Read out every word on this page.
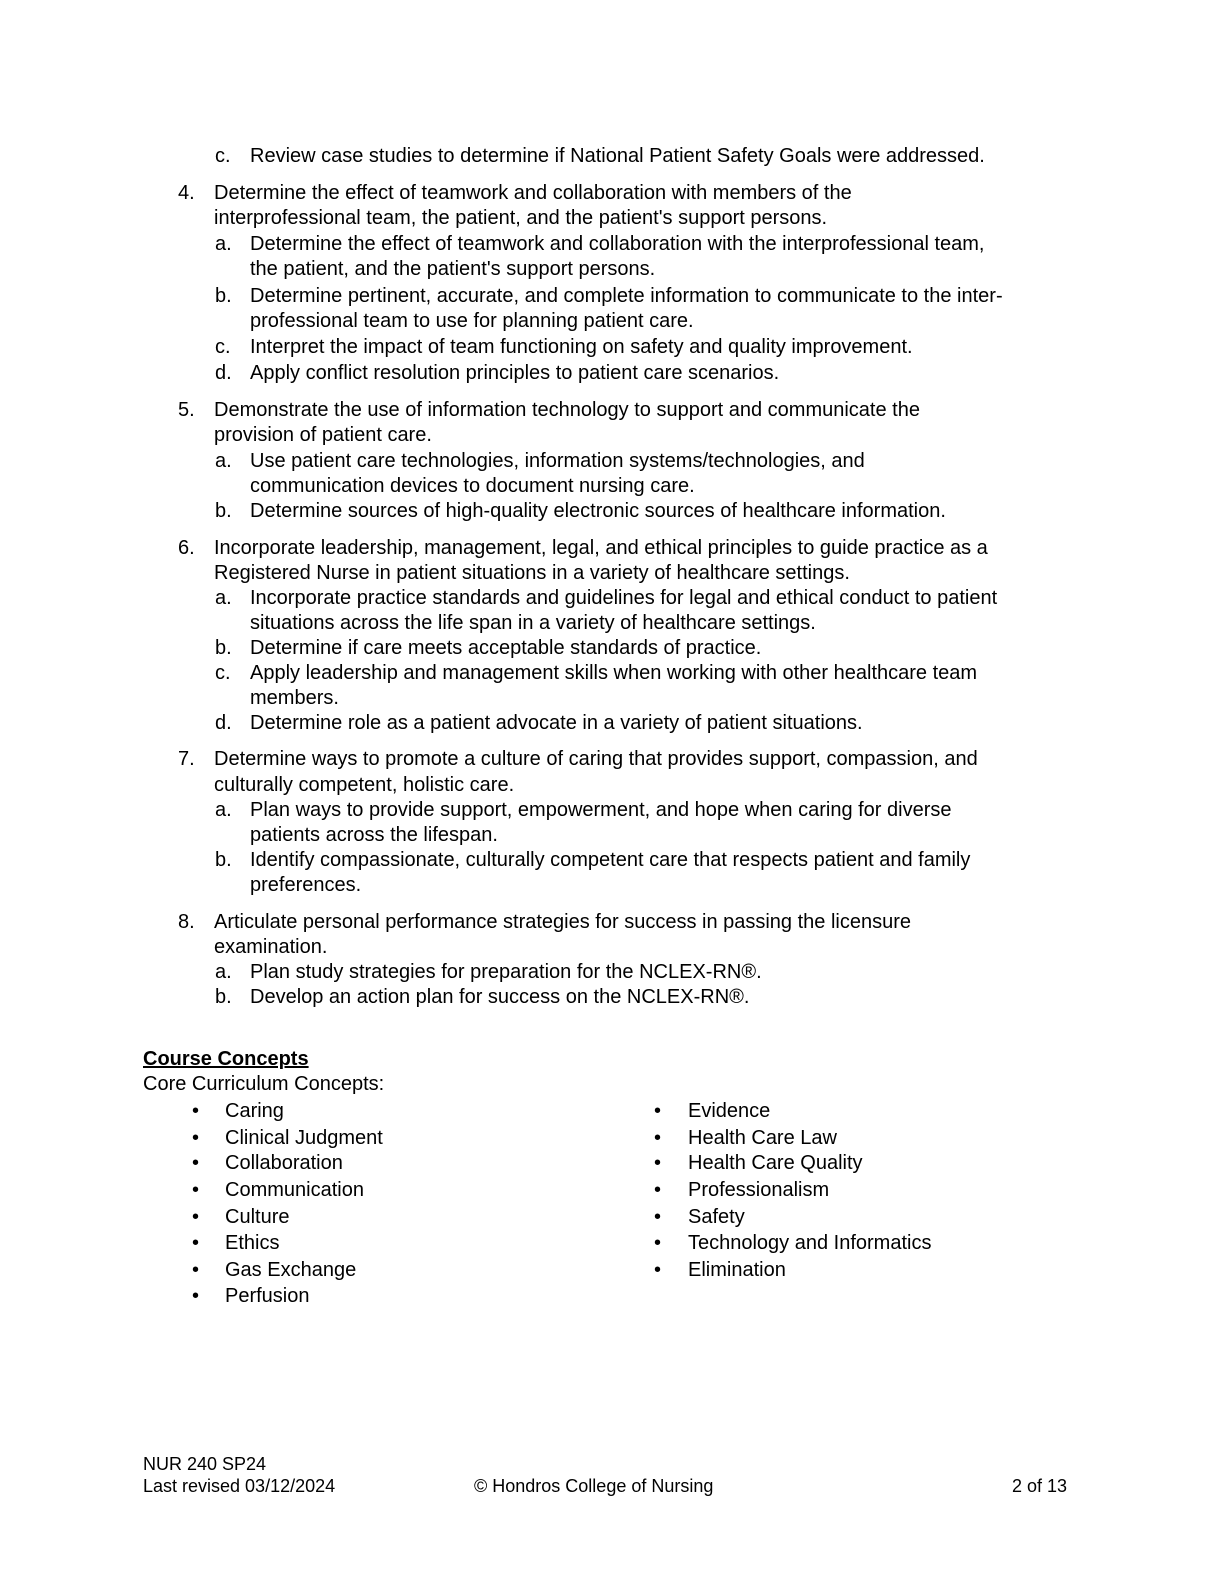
c. Review case studies to determine if National Patient Safety Goals were addressed.
4. Determine the effect of teamwork and collaboration with members of the
interprofessional team, the patient, and the patient's support persons.
a. Determine the effect of teamwork and collaboration with the interprofessional team,
the patient, and the patient's support persons.
b. Determine pertinent, accurate, and complete information to communicate to the inter-
professional team to use for planning patient care.
c. Interpret the impact of team functioning on safety and quality improvement.
d. Apply conflict resolution principles to patient care scenarios.
5. Demonstrate the use of information technology to support and communicate the
provision of patient care.
a. Use patient care technologies, information systems/technologies, and
communication devices to document nursing care.
b. Determine sources of high-quality electronic sources of healthcare information.
6. Incorporate leadership, management, legal, and ethical principles to guide practice as a
Registered Nurse in patient situations in a variety of healthcare settings.
a. Incorporate practice standards and guidelines for legal and ethical conduct to patient
situations across the life span in a variety of healthcare settings.
b. Determine if care meets acceptable standards of practice.
c. Apply leadership and management skills when working with other healthcare team
members.
d. Determine role as a patient advocate in a variety of patient situations.
7. Determine ways to promote a culture of caring that provides support, compassion, and
culturally competent, holistic care.
a. Plan ways to provide support, empowerment, and hope when caring for diverse
patients across the lifespan.
b. Identify compassionate, culturally competent care that respects patient and family
preferences.
8. Articulate personal performance strategies for success in passing the licensure
examination.
a. Plan study strategies for preparation for the NCLEX-RN®.
b. Develop an action plan for success on the NCLEX-RN®.
Course Concepts
Core Curriculum Concepts:
• Caring
• Clinical Judgment
• Collaboration
• Communication
• Culture
• Ethics
• Gas Exchange
• Perfusion
• Evidence
• Health Care Law
• Health Care Quality
• Professionalism
• Safety
• Technology and Informatics
• Elimination
NUR 240 SP24
Last revised 03/12/2024	© Hondros College of Nursing	2 of 13
